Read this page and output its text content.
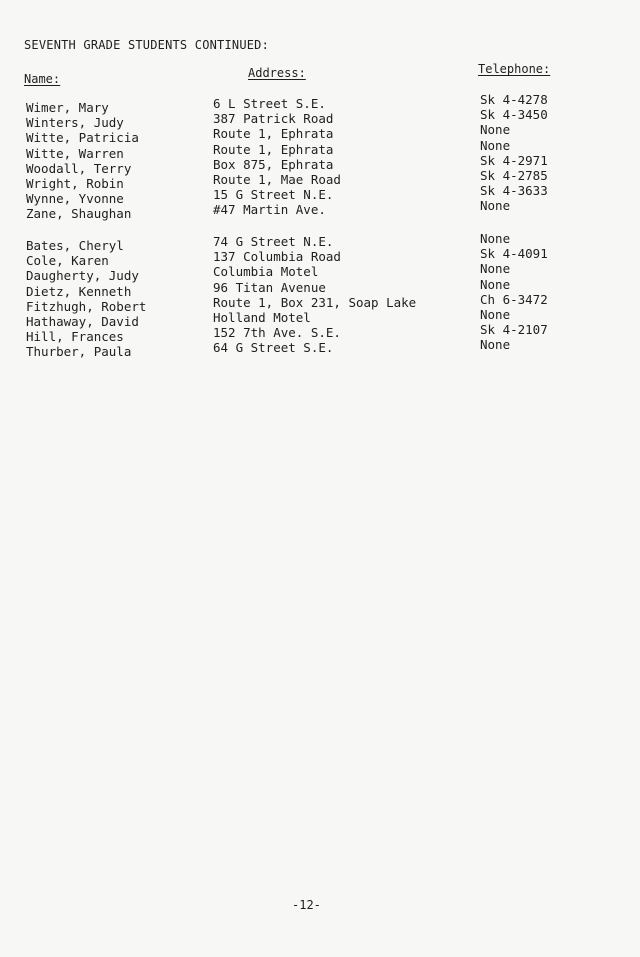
SEVENTH GRADE STUDENTS CONTINUED:
Name:	Address:	Telephone:
Wimer, Mary
Winters, Judy
Witte, Patricia
Witte, Warren
Woodall, Terry
Wright, Robin
Wynne, Yvonne
Zane, Shaughan
6 L Street S.E.
387 Patrick Road
Route 1, Ephrata
Route 1, Ephrata
Box 875, Ephrata
Route 1, Mae Road
15 G Street N.E.
#47 Martin Ave.
Sk 4-4278
Sk 4-3450
None
None
Sk 4-2971
Sk 4-2785
Sk 4-3633
None
Bates, Cheryl
Cole, Karen
Daugherty, Judy
Dietz, Kenneth
Fitzhugh, Robert
Hathaway, David
Hill, Frances
Thurber, Paula
74 G Street N.E.
137 Columbia Road
Columbia Motel
96 Titan Avenue
Route 1, Box 231, Soap Lake
Holland Motel
152 7th Ave. S.E.
64 G Street S.E.
None
Sk 4-4091
None
None
Ch 6-3472
None
Sk 4-2107
None
-12-
